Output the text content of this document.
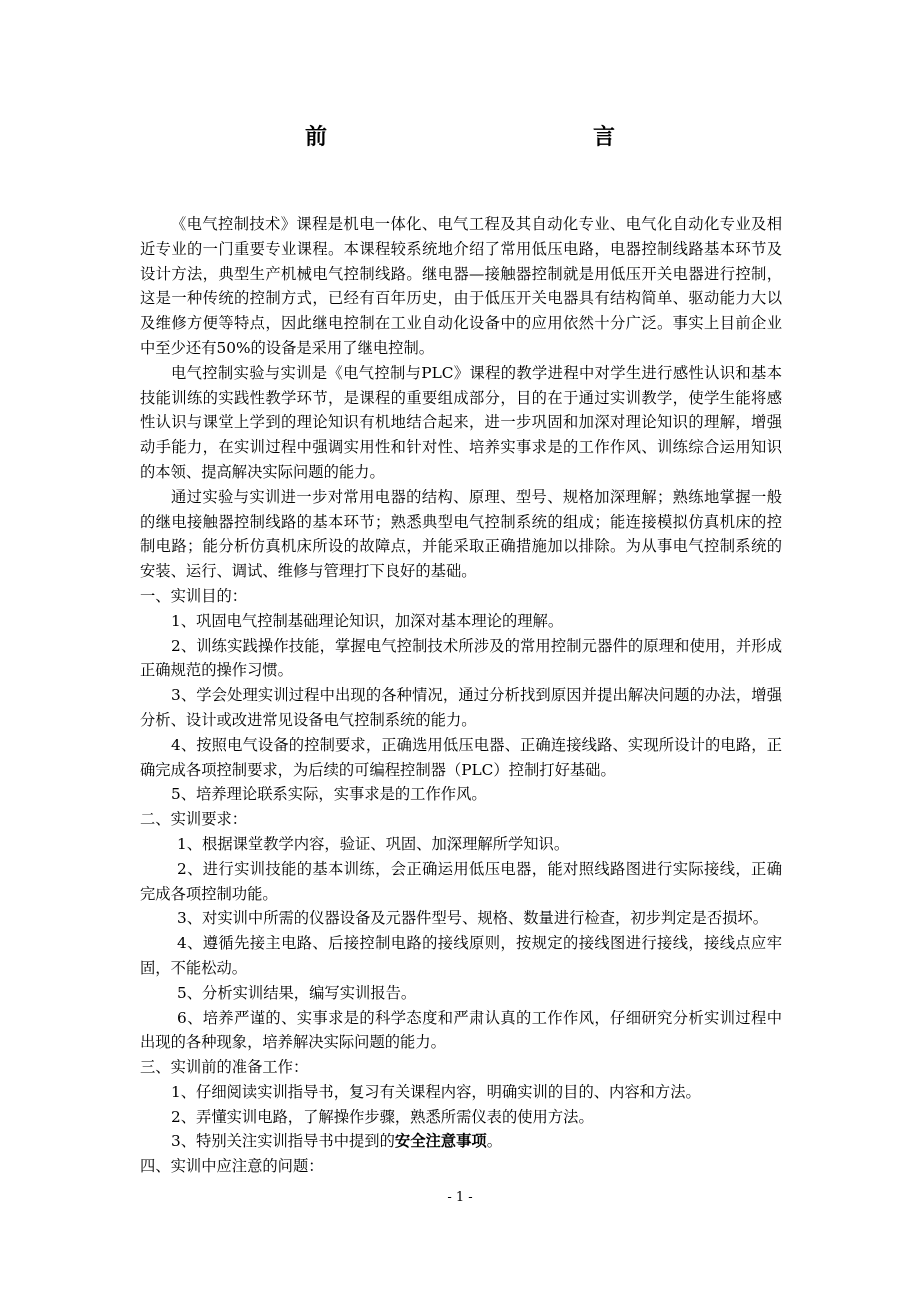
前　　言

《电气控制技术》课程是机电一体化、电气工程及其自动化专业、电气化自动化专业及相近专业的一门重要专业课程。本课程较系统地介绍了常用低压电路，电器控制线路基本环节及设计方法，典型生产机械电气控制线路。继电器—接触器控制就是用低压开关电器进行控制，这是一种传统的控制方式，已经有百年历史，由于低压开关电器具有结构简单、驱动能力大以及维修方便等特点，因此继电控制在工业自动化设备中的应用依然十分广泛。事实上目前企业中至少还有50%的设备是采用了继电控制。

电气控制实验与实训是《电气控制与PLC》课程的教学进程中对学生进行感性认识和基本技能训练的实践性教学环节，是课程的重要组成部分，目的在于通过实训教学，使学生能将感性认识与课堂上学到的理论知识有机地结合起来，进一步巩固和加深对理论知识的理解，增强动手能力，在实训过程中强调实用性和针对性、培养实事求是的工作作风、训练综合运用知识的本领、提高解决实际问题的能力。

通过实验与实训进一步对常用电器的结构、原理、型号、规格加深理解；熟练地掌握一般的继电接触器控制线路的基本环节；熟悉典型电气控制系统的组成；能连接模拟仿真机床的控制电路；能分析仿真机床所设的故障点，并能采取正确措施加以排除。为从事电气控制系统的安装、运行、调试、维修与管理打下良好的基础。

一、实训目的：

1、巩固电气控制基础理论知识，加深对基本理论的理解。

2、训练实践操作技能，掌握电气控制技术所涉及的常用控制元器件的原理和使用，并形成正确规范的操作习惯。

3、学会处理实训过程中出现的各种情况，通过分析找到原因并提出解决问题的办法，增强分析、设计或改进常见设备电气控制系统的能力。

4、按照电气设备的控制要求，正确选用低压电器、正确连接线路、实现所设计的电路，正确完成各项控制要求，为后续的可编程控制器（PLC）控制打好基础。

5、培养理论联系实际，实事求是的工作作风。

二、实训要求：

1、根据课堂教学内容，验证、巩固、加深理解所学知识。

2、进行实训技能的基本训练，会正确运用低压电器，能对照线路图进行实际接线，正确完成各项控制功能。

3、对实训中所需的仪器设备及元器件型号、规格、数量进行检查，初步判定是否损坏。

4、遵循先接主电路、后接控制电路的接线原则，按规定的接线图进行接线，接线点应牢固，不能松动。

5、分析实训结果，编写实训报告。

6、培养严谨的、实事求是的科学态度和严肃认真的工作作风，仔细研究分析实训过程中出现的各种现象，培养解决实际问题的能力。

三、实训前的准备工作：

1、仔细阅读实训指导书，复习有关课程内容，明确实训的目的、内容和方法。

2、弄懂实训电路，了解操作步骤，熟悉所需仪表的使用方法。

3、特别关注实训指导书中提到的安全注意事项。

四、实训中应注意的问题：

- 1 -
